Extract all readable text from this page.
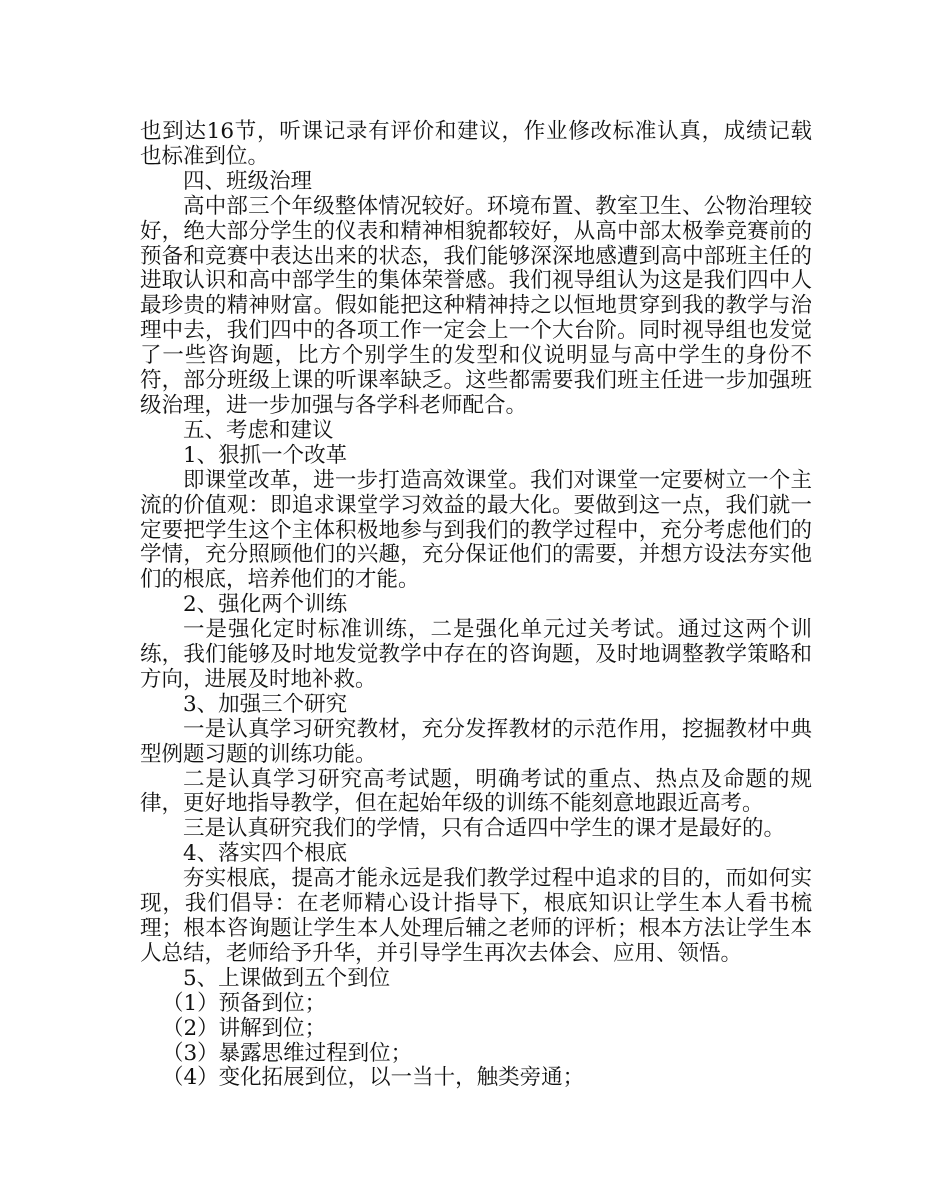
也到达16节，听课记录有评价和建议，作业修改标准认真，成绩记载也标准到位。

四、班级治理

高中部三个年级整体情况较好。环境布置、教室卫生、公物治理较好，绝大部分学生的仪表和精神相貌都较好，从高中部太极拳竞赛前的预备和竞赛中表达出来的状态，我们能够深深地感遭到高中部班主任的进取认识和高中部学生的集体荣誉感。我们视导组认为这是我们四中人最珍贵的精神财富。假如能把这种精神持之以恒地贯穿到我的教学与治理中去，我们四中的各项工作一定会上一个大台阶。同时视导组也发觉了一些咨询题，比方个别学生的发型和仪说明显与高中学生的身份不符，部分班级上课的听课率缺乏。这些都需要我们班主任进一步加强班级治理，进一步加强与各学科老师配合。

五、考虑和建议

1、狠抓一个改革

即课堂改革，进一步打造高效课堂。我们对课堂一定要树立一个主流的价值观：即追求课堂学习效益的最大化。要做到这一点，我们就一定要把学生这个主体积极地参与到我们的教学过程中，充分考虑他们的学情，充分照顾他们的兴趣，充分保证他们的需要，并想方设法夯实他们的根底，培养他们的才能。

2、强化两个训练

一是强化定时标准训练，二是强化单元过关考试。通过这两个训练，我们能够及时地发觉教学中存在的咨询题，及时地调整教学策略和方向，进展及时地补救。

3、加强三个研究

一是认真学习研究教材，充分发挥教材的示范作用，挖掘教材中典型例题习题的训练功能。

二是认真学习研究高考试题，明确考试的重点、热点及命题的规律，更好地指导教学，但在起始年级的训练不能刻意地跟近高考。

三是认真研究我们的学情，只有合适四中学生的课才是最好的。

4、落实四个根底

夯实根底，提高才能永远是我们教学过程中追求的目的，而如何实现，我们倡导：在老师精心设计指导下，根底知识让学生本人看书梳理；根本咨询题让学生本人处理后辅之老师的评析；根本方法让学生本人总结，老师给予升华，并引导学生再次去体会、应用、领悟。

5、上课做到五个到位

（1）预备到位；

（2）讲解到位；

（3）暴露思维过程到位；

（4）变化拓展到位，以一当十，触类旁通；
